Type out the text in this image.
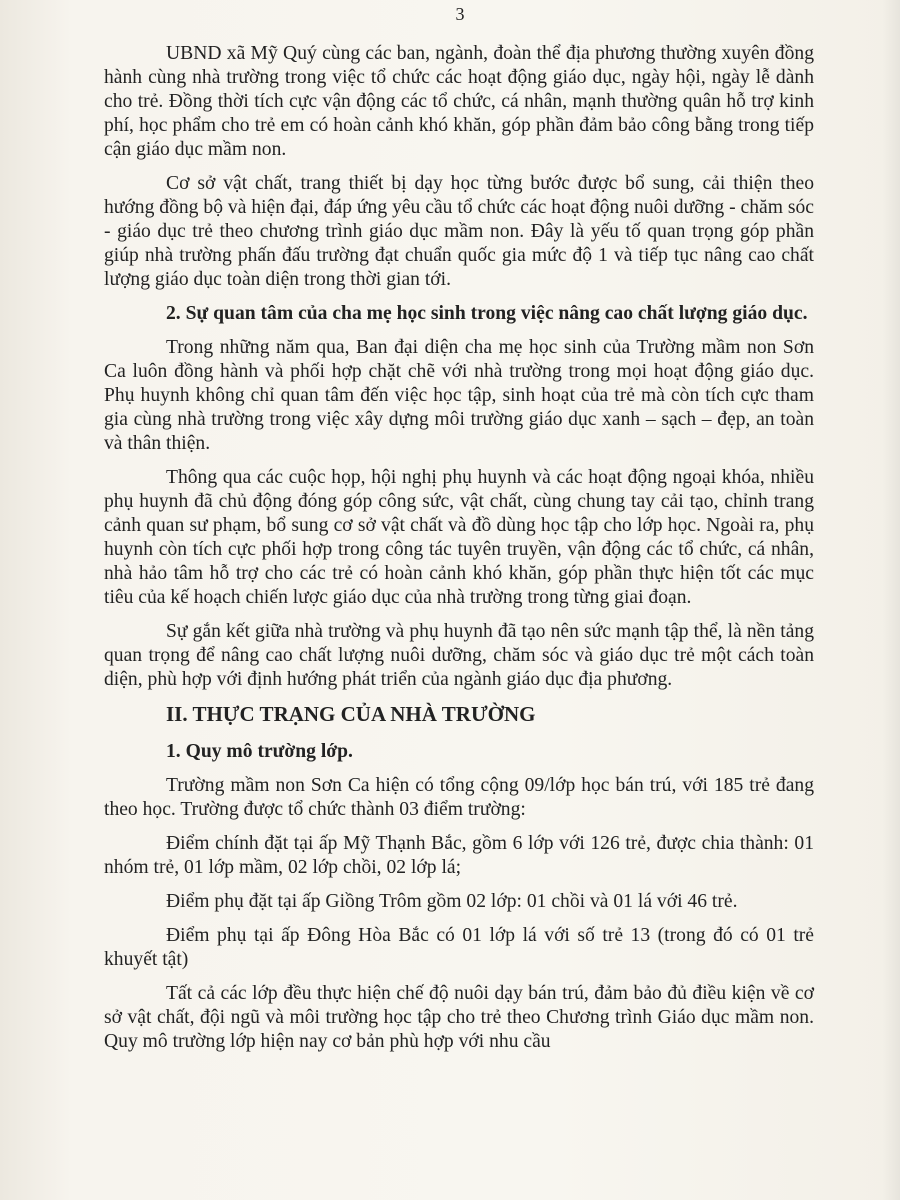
3

UBND xã Mỹ Quý cùng các ban, ngành, đoàn thể địa phương thường xuyên đồng hành cùng nhà trường trong việc tổ chức các hoạt động giáo dục, ngày hội, ngày lễ dành cho trẻ. Đồng thời tích cực vận động các tổ chức, cá nhân, mạnh thường quân hỗ trợ kinh phí, học phẩm cho trẻ em có hoàn cảnh khó khăn, góp phần đảm bảo công bằng trong tiếp cận giáo dục mầm non.

Cơ sở vật chất, trang thiết bị dạy học từng bước được bổ sung, cải thiện theo hướng đồng bộ và hiện đại, đáp ứng yêu cầu tổ chức các hoạt động nuôi dưỡng - chăm sóc - giáo dục trẻ theo chương trình giáo dục mầm non. Đây là yếu tố quan trọng góp phần giúp nhà trường phấn đấu trường đạt chuẩn quốc gia mức độ 1 và tiếp tục nâng cao chất lượng giáo dục toàn diện trong thời gian tới.

2. Sự quan tâm của cha mẹ học sinh trong việc nâng cao chất lượng giáo dục.

Trong những năm qua, Ban đại diện cha mẹ học sinh của Trường mầm non Sơn Ca luôn đồng hành và phối hợp chặt chẽ với nhà trường trong mọi hoạt động giáo dục. Phụ huynh không chỉ quan tâm đến việc học tập, sinh hoạt của trẻ mà còn tích cực tham gia cùng nhà trường trong việc xây dựng môi trường giáo dục xanh – sạch – đẹp, an toàn và thân thiện.

Thông qua các cuộc họp, hội nghị phụ huynh và các hoạt động ngoại khóa, nhiều phụ huynh đã chủ động đóng góp công sức, vật chất, cùng chung tay cải tạo, chỉnh trang cảnh quan sư phạm, bổ sung cơ sở vật chất và đồ dùng học tập cho lớp học. Ngoài ra, phụ huynh còn tích cực phối hợp trong công tác tuyên truyền, vận động các tổ chức, cá nhân, nhà hảo tâm hỗ trợ cho các trẻ có hoàn cảnh khó khăn, góp phần thực hiện tốt các mục tiêu của kế hoạch chiến lược giáo dục của nhà trường trong từng giai đoạn.

Sự gắn kết giữa nhà trường và phụ huynh đã tạo nên sức mạnh tập thể, là nền tảng quan trọng để nâng cao chất lượng nuôi dưỡng, chăm sóc và giáo dục trẻ một cách toàn diện, phù hợp với định hướng phát triển của ngành giáo dục địa phương.

II. THỰC TRẠNG CỦA NHÀ TRƯỜNG

1. Quy mô trường lớp.

Trường mầm non Sơn Ca hiện có tổng cộng 09/lớp học bán trú, với 185 trẻ đang theo học. Trường được tổ chức thành 03 điểm trường:

Điểm chính đặt tại ấp Mỹ Thạnh Bắc, gồm 6 lớp với 126 trẻ, được chia thành: 01 nhóm trẻ, 01 lớp mầm, 02 lớp chồi, 02 lớp lá;

Điểm phụ đặt tại ấp Giồng Trôm gồm 02 lớp: 01 chồi và 01 lá với 46 trẻ.

Điểm phụ tại ấp Đông Hòa Bắc có 01 lớp lá với số trẻ 13 (trong đó có 01 trẻ khuyết tật)

Tất cả các lớp đều thực hiện chế độ nuôi dạy bán trú, đảm bảo đủ điều kiện về cơ sở vật chất, đội ngũ và môi trường học tập cho trẻ theo Chương trình Giáo dục mầm non. Quy mô trường lớp hiện nay cơ bản phù hợp với nhu cầu
